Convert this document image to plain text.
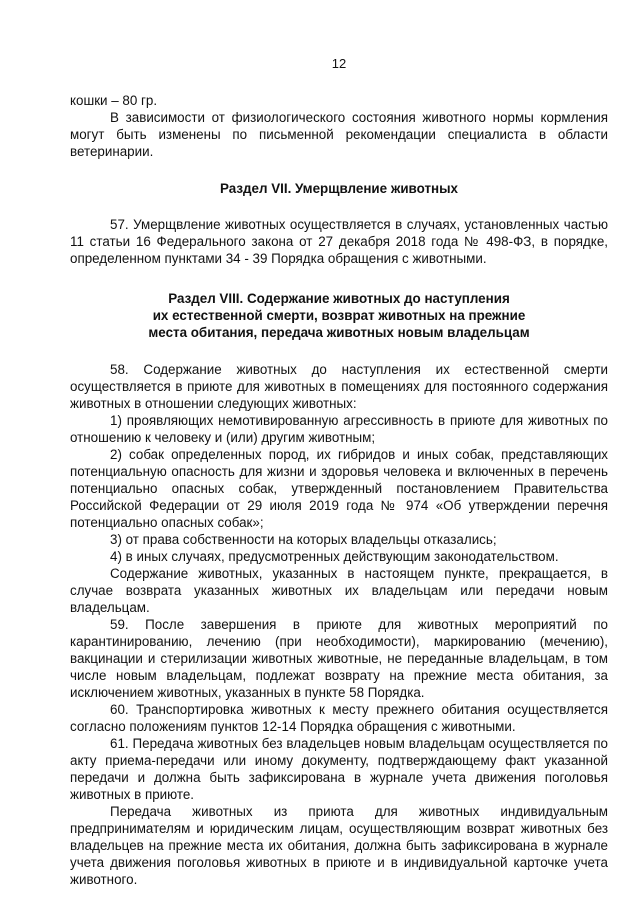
12

кошки – 80 гр.

В зависимости от физиологического состояния животного нормы кормления могут быть изменены по письменной рекомендации специалиста в области ветеринарии.

Раздел VII. Умерщвление животных

57. Умерщвление животных осуществляется в случаях, установленных частью 11 статьи 16 Федерального закона от 27 декабря 2018 года № 498-ФЗ, в порядке, определенном пунктами 34 - 39 Порядка обращения с животными.

Раздел VIII. Содержание животных до наступления
их естественной смерти, возврат животных на прежние
места обитания, передача животных новым владельцам

58. Содержание животных до наступления их естественной смерти осуществляется в приюте для животных в помещениях для постоянного содержания животных в отношении следующих животных:

1) проявляющих немотивированную агрессивность в приюте для животных по отношению к человеку и (или) другим животным;

2) собак определенных пород, их гибридов и иных собак, представляющих потенциальную опасность для жизни и здоровья человека и включенных в перечень потенциально опасных собак, утвержденный постановлением Правительства Российской Федерации от 29 июля 2019 года № 974 «Об утверждении перечня потенциально опасных собак»;

3) от права собственности на которых владельцы отказались;

4) в иных случаях, предусмотренных действующим законодательством.

Содержание животных, указанных в настоящем пункте, прекращается, в случае возврата указанных животных их владельцам или передачи новым владельцам.

59. После завершения в приюте для животных мероприятий по карантинированию, лечению (при необходимости), маркированию (мечению), вакцинации и стерилизации животных животные, не переданные владельцам, в том числе новым владельцам, подлежат возврату на прежние места обитания, за исключением животных, указанных в пункте 58 Порядка.

60. Транспортировка животных к месту прежнего обитания осуществляется согласно положениям пунктов 12-14 Порядка обращения с животными.

61. Передача животных без владельцев новым владельцам осуществляется по акту приема-передачи или иному документу, подтверждающему факт указанной передачи и должна быть зафиксирована в журнале учета движения поголовья животных в приюте.

Передача животных из приюта для животных индивидуальным предпринимателям и юридическим лицам, осуществляющим возврат животных без владельцев на прежние места их обитания, должна быть зафиксирована в журнале учета движения поголовья животных в приюте и в индивидуальной карточке учета животного.
